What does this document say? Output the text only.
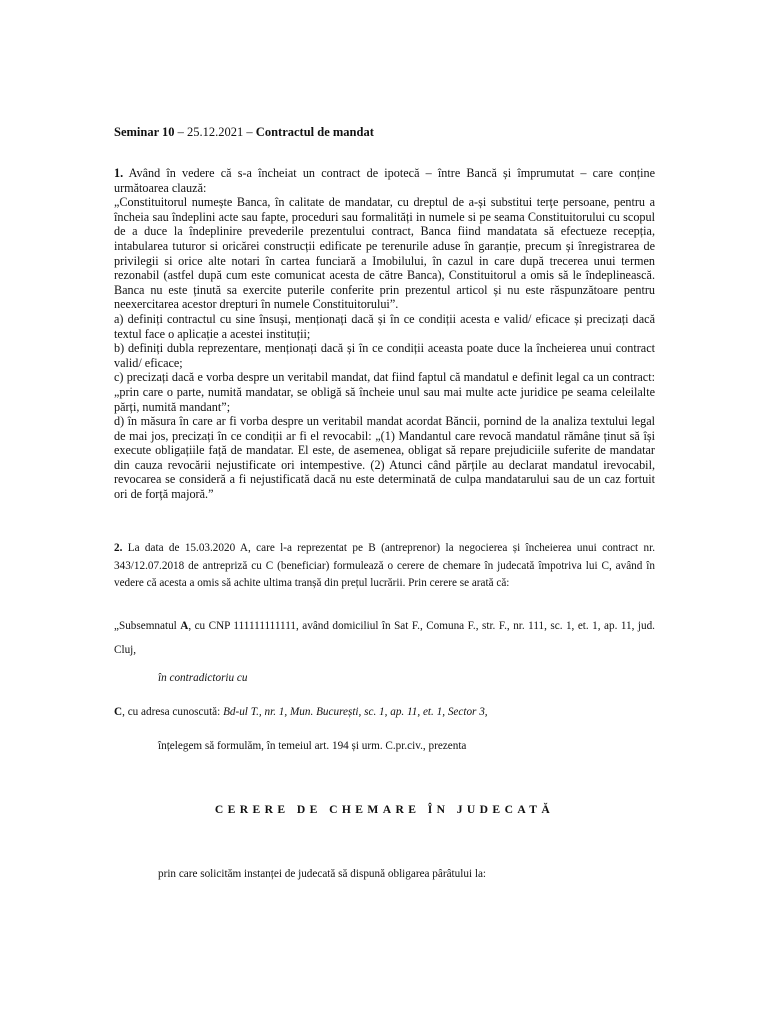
Seminar 10 – 25.12.2021 – Contractul de mandat

1. Având în vedere că s-a încheiat un contract de ipotecă – între Bancă și împrumutat – care conține următoarea clauză:

„Constituitorul numește Banca, în calitate de mandatar, cu dreptul de a-și substitui terțe persoane, pentru a încheia sau îndeplini acte sau fapte, proceduri sau formalități in numele si pe seama Constituitorului cu scopul de a duce la îndeplinire prevederile prezentului contract, Banca fiind mandatata să efectueze recepția, intabularea tuturor si oricărei construcții edificate pe terenurile aduse în garanție, precum și înregistrarea de privilegii si orice alte notari în cartea funciară a Imobilului, în cazul in care după trecerea unui termen rezonabil (astfel după cum este comunicat acesta de către Banca), Constituitorul a omis să le îndeplinească. Banca nu este ținută sa exercite puterile conferite prin prezentul articol și nu este răspunzătoare pentru neexercitarea acestor drepturi în numele Constituitorului”.

a) definiți contractul cu sine însuși, menționați dacă și în ce condiții acesta e valid/ eficace și precizați dacă textul face o aplicație a acestei instituții;

b) definiți dubla reprezentare, menționați dacă și în ce condiții aceasta poate duce la încheierea unui contract valid/ eficace;

c) precizați dacă e vorba despre un veritabil mandat, dat fiind faptul că mandatul e definit legal ca un contract: „prin care o parte, numită mandatar, se obligă să încheie unul sau mai multe acte juridice pe seama celeilalte părți, numită mandant”;

d) în măsura în care ar fi vorba despre un veritabil mandat acordat Băncii, pornind de la analiza textului legal de mai jos, precizați în ce condiții ar fi el revocabil: „(1) Mandantul care revocă mandatul rămâne ținut să își execute obligațiile față de mandatar. El este, de asemenea, obligat să repare prejudiciile suferite de mandatar din cauza revocării nejustificate ori intempestive. (2) Atunci când părțile au declarat mandatul irevocabil, revocarea se consideră a fi nejustificată dacă nu este determinată de culpa mandatarului sau de un caz fortuit ori de forță majoră.”

2. La data de 15.03.2020 A, care l-a reprezentat pe B (antreprenor) la negocierea și încheierea unui contract nr. 343/12.07.2018 de antrepriză cu C (beneficiar) formulează o cerere de chemare în judecată împotriva lui C, având în vedere că acesta a omis să achite ultima tranșă din prețul lucrării. Prin cerere se arată că:

„Subsemnatul A, cu CNP 111111111111, având domiciliul în Sat F., Comuna F., str. F., nr. 111, sc. 1, et. 1, ap. 11, jud. Cluj,
în contradictoriu cu
C, cu adresa cunoscută: Bd-ul T., nr. 1, Mun. București, sc. 1, ap. 11, et. 1, Sector 3,
înțelegem să formulăm, în temeiul art. 194 și urm. C.pr.civ., prezenta
CERERE DE CHEMARE ÎN JUDECATĂ
prin care solicităm instanței de judecată să dispună obligarea pârâtului la:
